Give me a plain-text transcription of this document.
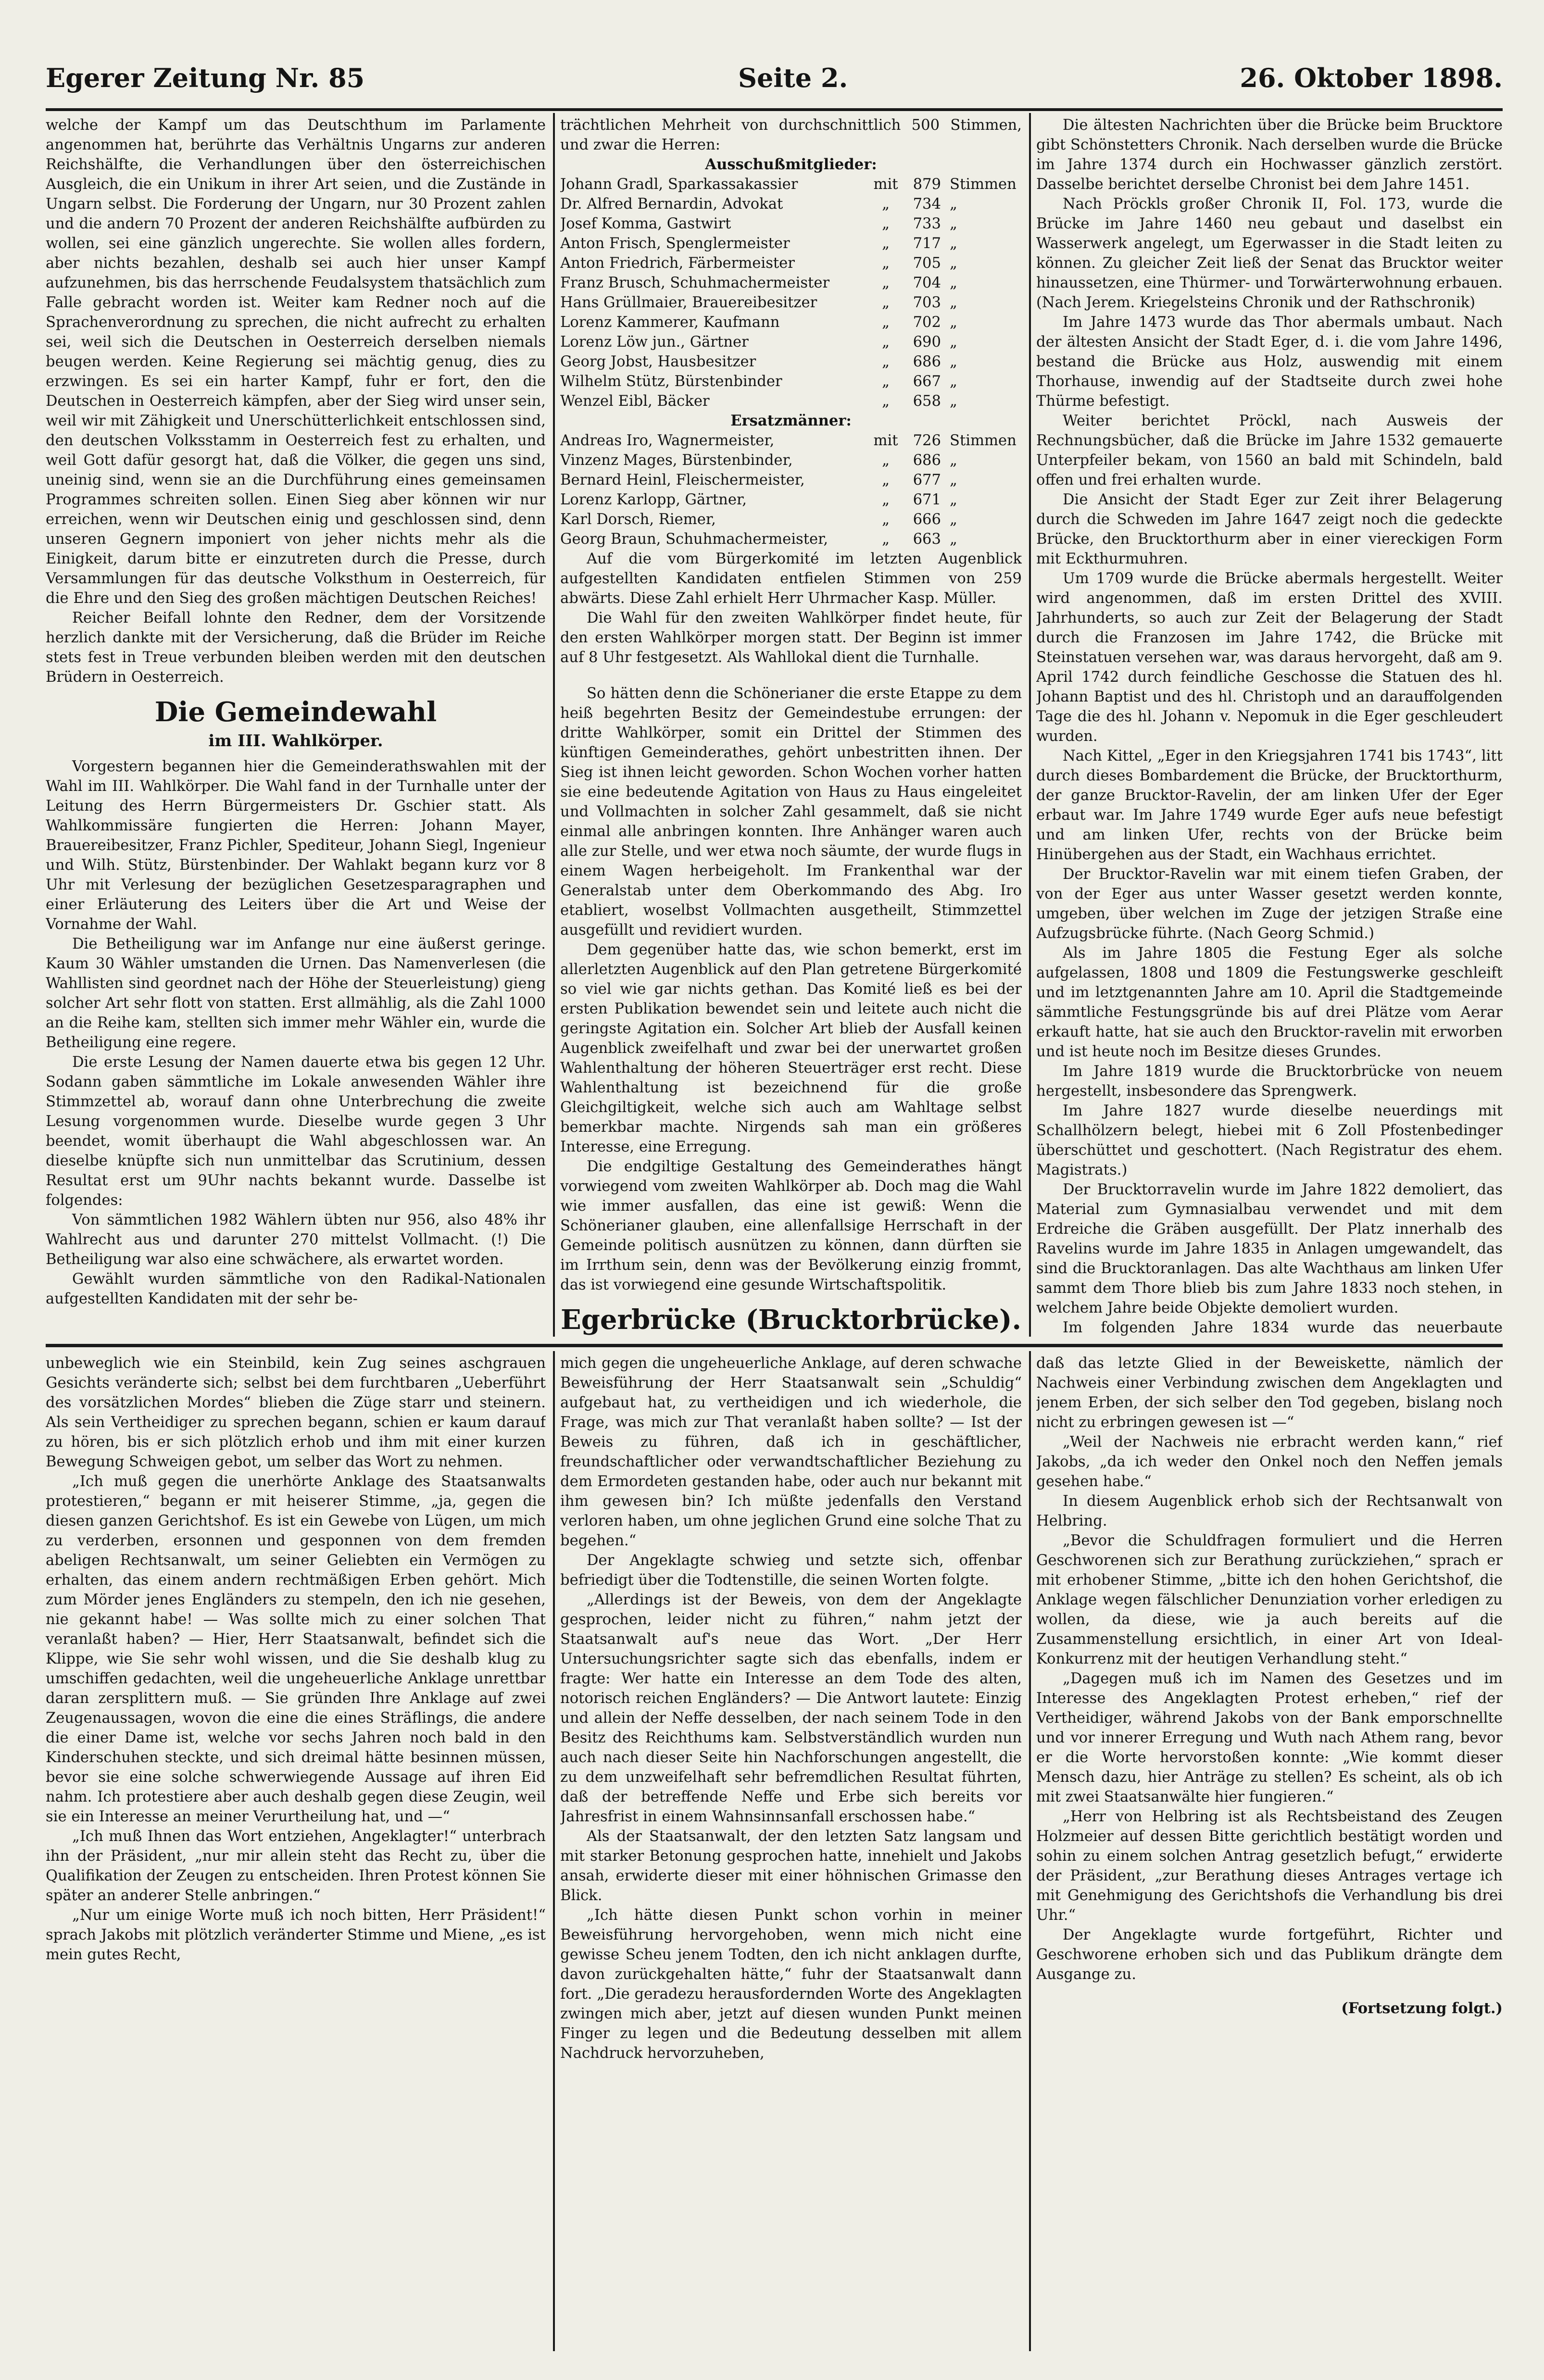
Egerer Zeitung Nr. 85	Seite 2.	26. Oktober 1898.

welche der Kampf um das Deutschthum im Parlamente angenommen hat, berührte das Verhältnis Ungarns zur anderen Reichshälfte, die Verhandlungen über den österreichischen Ausgleich, die ein Unikum in ihrer Art seien, und die Zustände in Ungarn selbst. Die Forderung der Ungarn, nur 30 Prozent zahlen und die andern 70 Prozent der anderen Reichshälfte aufbürden zu wollen, sei eine gänzlich ungerechte. Sie wollen alles fordern, aber nichts bezahlen, deshalb sei auch hier unser Kampf aufzunehmen, bis das herrschende Feudalsystem thatsächlich zum Falle gebracht worden ist. Weiter kam Redner noch auf die Sprachenverordnung zu sprechen, die nicht aufrecht zu erhalten sei, weil sich die Deutschen in Oesterreich derselben niemals beugen werden. Keine Regierung sei mächtig genug, dies zu erzwingen. Es sei ein harter Kampf, fuhr er fort, den die Deutschen in Oesterreich kämpfen, aber der Sieg wird unser sein, weil wir mit Zähigkeit und Unerschütterlichkeit entschlossen sind, den deutschen Volksstamm in Oesterreich fest zu erhalten, und weil Gott dafür gesorgt hat, daß die Völker, die gegen uns sind, uneinig sind, wenn sie an die Durchführung eines gemeinsamen Programmes schreiten sollen. Einen Sieg aber können wir nur erreichen, wenn wir Deutschen einig und geschlossen sind, denn unseren Gegnern imponiert von jeher nichts mehr als die Einigkeit, darum bitte er einzutreten durch die Presse, durch Versammlungen für das deutsche Volksthum in Oesterreich, für die Ehre und den Sieg des großen mächtigen Deutschen Reiches!

Reicher Beifall lohnte den Redner, dem der Vorsitzende herzlich dankte mit der Versicherung, daß die Brüder im Reiche stets fest in Treue verbunden bleiben werden mit den deutschen Brüdern in Oesterreich.

Die Gemeindewahl

im III. Wahlkörper.

Vorgestern begannen hier die Gemeinderathswahlen mit der Wahl im III. Wahlkörper. Die Wahl fand in der Turnhalle unter der Leitung des Herrn Bürgermeisters Dr. Gschier statt. Als Wahlkommissäre fungierten die Herren: Johann Mayer, Brauereibesitzer, Franz Pichler, Spediteur, Johann Siegl, Ingenieur und Wilh. Stütz, Bürstenbinder. Der Wahlakt begann kurz vor 8 Uhr mit Verlesung der bezüglichen Gesetzesparagraphen und einer Erläuterung des Leiters über die Art und Weise der Vornahme der Wahl.

Die Betheiligung war im Anfange nur eine äußerst geringe. Kaum 30 Wähler umstanden die Urnen. Das Namenverlesen (die Wahllisten sind geordnet nach der Höhe der Steuerleistung) gieng solcher Art sehr flott von statten. Erst allmählig, als die Zahl 1000 an die Reihe kam, stellten sich immer mehr Wähler ein, wurde die Betheiligung eine regere.

Die erste Lesung der Namen dauerte etwa bis gegen 12 Uhr. Sodann gaben sämmtliche im Lokale anwesenden Wähler ihre Stimmzettel ab, worauf dann ohne Unterbrechung die zweite Lesung vorgenommen wurde. Dieselbe wurde gegen 3 Uhr beendet, womit überhaupt die Wahl abgeschlossen war. An dieselbe knüpfte sich nun unmittelbar das Scrutinium, dessen Resultat erst um 9Uhr nachts bekannt wurde. Dasselbe ist folgendes:

Von sämmtlichen 1982 Wählern übten nur 956, also 48% ihr Wahlrecht aus und darunter 270 mittelst Vollmacht. (!) Die Betheiligung war also eine schwächere, als erwartet worden.

Gewählt wurden sämmtliche von den Radikal-Nationalen aufgestellten Kandidaten mit der sehr be-

trächtlichen Mehrheit von durchschnittlich 500 Stimmen, und zwar die Herren:

Ausschußmitglieder:

Johann Gradl, Sparkassakassier	mit	879	Stimmen
Dr. Alfred Bernardin, Advokat	„	734	„
Josef Komma, Gastwirt	„	733	„
Anton Frisch, Spenglermeister	„	717	„
Anton Friedrich, Färbermeister	„	705	„
Franz Brusch, Schuhmachermeister	„	704	„
Hans Grüllmaier, Brauereibesitzer	„	703	„
Lorenz Kammerer, Kaufmann	„	702	„
Lorenz Löw jun., Gärtner	„	690	„
Georg Jobst, Hausbesitzer	„	686	„
Wilhelm Stütz, Bürstenbinder	„	667	„
Wenzel Eibl, Bäcker	„	658	„

Ersatzmänner:

Andreas Iro, Wagnermeister,	mit	726	Stimmen
Vinzenz Mages, Bürstenbinder,	„	686	„
Bernard Heinl, Fleischermeister,	„	677	„
Lorenz Karlopp, Gärtner,	„	671	„
Karl Dorsch, Riemer,	„	666	„
Georg Braun, Schuhmachermeister,	„	663	„

Auf die vom Bürgerkomité im letzten Augenblick aufgestellten Kandidaten entfielen Stimmen von 259 abwärts. Diese Zahl erhielt Herr Uhrmacher Kasp. Müller.

Die Wahl für den zweiten Wahlkörper findet heute, für den ersten Wahlkörper morgen statt. Der Beginn ist immer auf 8 Uhr festgesetzt. Als Wahllokal dient die Turnhalle.

So hätten denn die Schönerianer die erste Etappe zu dem heiß begehrten Besitz der Gemeindestube errungen: der dritte Wahlkörper, somit ein Drittel der Stimmen des künftigen Gemeinderathes, gehört unbestritten ihnen. Der Sieg ist ihnen leicht geworden. Schon Wochen vorher hatten sie eine bedeutende Agitation von Haus zu Haus eingeleitet und Vollmachten in solcher Zahl gesammelt, daß sie nicht einmal alle anbringen konnten. Ihre Anhänger waren auch alle zur Stelle, und wer etwa noch säumte, der wurde flugs in einem Wagen herbeigeholt. Im Frankenthal war der Generalstab unter dem Oberkommando des Abg. Iro etabliert, woselbst Vollmachten ausgetheilt, Stimmzettel ausgefüllt und revidiert wurden.

Dem gegenüber hatte das, wie schon bemerkt, erst im allerletzten Augenblick auf den Plan getretene Bürgerkomité so viel wie gar nichts gethan. Das Komité ließ es bei der ersten Publikation bewendet sein und leitete auch nicht die geringste Agitation ein. Solcher Art blieb der Ausfall keinen Augenblick zweifelhaft und zwar bei der unerwartet großen Wahlenthaltung der höheren Steuerträger erst recht. Diese Wahlenthaltung ist bezeichnend für die große Gleichgiltigkeit, welche sich auch am Wahltage selbst bemerkbar machte. Nirgends sah man ein größeres Interesse, eine Erregung.

Die endgiltige Gestaltung des Gemeinderathes hängt vorwiegend vom zweiten Wahlkörper ab. Doch mag die Wahl wie immer ausfallen, das eine ist gewiß: Wenn die Schönerianer glauben, eine allenfallsige Herrschaft in der Gemeinde politisch ausnützen zu können, dann dürften sie im Irrthum sein, denn was der Bevölkerung einzig frommt, das ist vorwiegend eine gesunde Wirtschaftspolitik.

Egerbrücke (Brucktorbrücke).

Die ältesten Nachrichten über die Brücke beim Brucktore gibt Schönstetters Chronik. Nach derselben wurde die Brücke im Jahre 1374 durch ein Hochwasser gänzlich zerstört. Dasselbe berichtet derselbe Chronist bei dem Jahre 1451.

Nach Pröckls großer Chronik II, Fol. 173, wurde die Brücke im Jahre 1460 neu gebaut und daselbst ein Wasserwerk angelegt, um Egerwasser in die Stadt leiten zu können. Zu gleicher Zeit ließ der Senat das Brucktor weiter hinaussetzen, eine Thürmer- und Torwärterwohnung erbauen. (Nach Jerem. Kriegelsteins Chronik und der Rathschronik)

Im Jahre 1473 wurde das Thor abermals umbaut. Nach der ältesten Ansicht der Stadt Eger, d. i. die vom Jahre 1496, bestand die Brücke aus Holz, auswendig mit einem Thorhause, inwendig auf der Stadtseite durch zwei hohe Thürme befestigt.

Weiter berichtet Pröckl, nach Ausweis der Rechnungsbücher, daß die Brücke im Jahre 1532 gemauerte Unterpfeiler bekam, von 1560 an bald mit Schindeln, bald offen und frei erhalten wurde.

Die Ansicht der Stadt Eger zur Zeit ihrer Belagerung durch die Schweden im Jahre 1647 zeigt noch die gedeckte Brücke, den Brucktorthurm aber in einer viereckigen Form mit Eckthurmuhren.

Um 1709 wurde die Brücke abermals hergestellt. Weiter wird angenommen, daß im ersten Drittel des XVIII. Jahrhunderts, so auch zur Zeit der Belagerung der Stadt durch die Franzosen im Jahre 1742, die Brücke mit Steinstatuen versehen war, was daraus hervorgeht, daß am 9. April 1742 durch feindliche Geschosse die Statuen des hl. Johann Baptist und des hl. Christoph und an darauffolgenden Tage die des hl. Johann v. Nepomuk in die Eger geschleudert wurden.

Nach Kittel, „Eger in den Kriegsjahren 1741 bis 1743“, litt durch dieses Bombardement die Brücke, der Brucktorthurm, der ganze Brucktor-Ravelin, der am linken Ufer der Eger erbaut war. Im Jahre 1749 wurde Eger aufs neue befestigt und am linken Ufer, rechts von der Brücke beim Hinübergehen aus der Stadt, ein Wachhaus errichtet.

Der Brucktor-Ravelin war mit einem tiefen Graben, der von der Eger aus unter Wasser gesetzt werden konnte, umgeben, über welchen im Zuge der jetzigen Straße eine Aufzugsbrücke führte. (Nach Georg Schmid.)

Als im Jahre 1805 die Festung Eger als solche aufgelassen, 1808 und 1809 die Festungswerke geschleift und im letztgenannten Jahre am 10. April die Stadtgemeinde sämmtliche Festungsgründe bis auf drei Plätze vom Aerar erkauft hatte, hat sie auch den Brucktor-ravelin mit erworben und ist heute noch im Besitze dieses Grundes.

Im Jahre 1819 wurde die Brucktorbrücke von neuem hergestellt, insbesondere das Sprengwerk.

Im Jahre 1827 wurde dieselbe neuerdings mit Schallhölzern belegt, hiebei mit 6 Zoll Pfostenbedinger überschüttet und geschottert. (Nach Registratur des ehem. Magistrats.)

Der Brucktorravelin wurde im Jahre 1822 demoliert, das Material zum Gymnasialbau verwendet und mit dem Erdreiche die Gräben ausgefüllt. Der Platz innerhalb des Ravelins wurde im Jahre 1835 in Anlagen umgewandelt, das sind die Brucktoranlagen. Das alte Wachthaus am linken Ufer sammt dem Thore blieb bis zum Jahre 1833 noch stehen, in welchem Jahre beide Objekte demoliert wurden.

Im folgenden Jahre 1834 wurde das neuerbaute

unbeweglich wie ein Steinbild, kein Zug seines aschgrauen Gesichts veränderte sich; selbst bei dem furchtbaren „Ueberführt des vorsätzlichen Mordes“ blieben die Züge starr und steinern. Als sein Vertheidiger zu sprechen begann, schien er kaum darauf zu hören, bis er sich plötzlich erhob und ihm mit einer kurzen Bewegung Schweigen gebot, um selber das Wort zu nehmen.

„Ich muß gegen die unerhörte Anklage des Staatsanwalts protestieren,“ begann er mit heiserer Stimme, „ja, gegen die diesen ganzen Gerichtshof. Es ist ein Gewebe von Lügen, um mich zu verderben, ersonnen und gesponnen von dem fremden abeligen Rechtsanwalt, um seiner Geliebten ein Vermögen zu erhalten, das einem andern rechtmäßigen Erben gehört. Mich zum Mörder jenes Engländers zu stempeln, den ich nie gesehen, nie gekannt habe! — Was sollte mich zu einer solchen That veranlaßt haben? — Hier, Herr Staatsanwalt, befindet sich die Klippe, wie Sie sehr wohl wissen, und die Sie deshalb klug zu umschiffen gedachten, weil die ungeheuerliche Anklage unrettbar daran zersplittern muß. — Sie gründen Ihre Anklage auf zwei Zeugenaussagen, wovon die eine die eines Sträflings, die andere die einer Dame ist, welche vor sechs Jahren noch bald in den Kinderschuhen steckte, und sich dreimal hätte besinnen müssen, bevor sie eine solche schwerwiegende Aussage auf ihren Eid nahm. Ich protestiere aber auch deshalb gegen diese Zeugin, weil sie ein Interesse an meiner Verurtheilung hat, und —“

„Ich muß Ihnen das Wort entziehen, Angeklagter!“ unterbrach ihn der Präsident, „nur mir allein steht das Recht zu, über die Qualifikation der Zeugen zu entscheiden. Ihren Protest können Sie später an anderer Stelle anbringen.“

„Nur um einige Worte muß ich noch bitten, Herr Präsident!“ sprach Jakobs mit plötzlich veränderter Stimme und Miene, „es ist mein gutes Recht,

mich gegen die ungeheuerliche Anklage, auf deren schwache Beweisführung der Herr Staatsanwalt sein „Schuldig“ aufgebaut hat, zu vertheidigen und ich wiederhole, die Frage, was mich zur That veranlaßt haben sollte? — Ist der Beweis zu führen, daß ich in geschäftlicher, freundschaftlicher oder verwandtschaftlicher Beziehung zu dem Ermordeten gestanden habe, oder auch nur bekannt mit ihm gewesen bin? Ich müßte jedenfalls den Verstand verloren haben, um ohne jeglichen Grund eine solche That zu begehen.“

Der Angeklagte schwieg und setzte sich, offenbar befriedigt über die Todtenstille, die seinen Worten folgte.

„Allerdings ist der Beweis, von dem der Angeklagte gesprochen, leider nicht zu führen,“ nahm jetzt der Staatsanwalt auf's neue das Wort. „Der Herr Untersuchungsrichter sagte sich das ebenfalls, indem er fragte: Wer hatte ein Interesse an dem Tode des alten, notorisch reichen Engländers? — Die Antwort lautete: Einzig und allein der Neffe desselben, der nach seinem Tode in den Besitz des Reichthums kam. Selbstverständlich wurden nun auch nach dieser Seite hin Nachforschungen angestellt, die zu dem unzweifelhaft sehr befremdlichen Resultat führten, daß der betreffende Neffe und Erbe sich bereits vor Jahresfrist in einem Wahnsinnsanfall erschossen habe.“

Als der Staatsanwalt, der den letzten Satz langsam und mit starker Betonung gesprochen hatte, innehielt und Jakobs ansah, erwiderte dieser mit einer höhnischen Grimasse den Blick.

„Ich hätte diesen Punkt schon vorhin in meiner Beweisführung hervorgehoben, wenn mich nicht eine gewisse Scheu jenem Todten, den ich nicht anklagen durfte, davon zurückgehalten hätte,“ fuhr der Staatsanwalt dann fort. „Die geradezu herausfordernden Worte des Angeklagten zwingen mich aber, jetzt auf diesen wunden Punkt meinen Finger zu legen und die Bedeutung desselben mit allem Nachdruck hervorzuheben,

daß das letzte Glied in der Beweiskette, nämlich der Nachweis einer Verbindung zwischen dem Angeklagten und jenem Erben, der sich selber den Tod gegeben, bislang noch nicht zu erbringen gewesen ist —“

„Weil der Nachweis nie erbracht werden kann,“ rief Jakobs, „da ich weder den Onkel noch den Neffen jemals gesehen habe.“

In diesem Augenblick erhob sich der Rechtsanwalt von Helbring.

„Bevor die Schuldfragen formuliert und die Herren Geschworenen sich zur Berathung zurückziehen,“ sprach er mit erhobener Stimme, „bitte ich den hohen Gerichtshof, die Anklage wegen fälschlicher Denunziation vorher erledigen zu wollen, da diese, wie ja auch bereits auf die Zusammenstellung ersichtlich, in einer Art von Ideal-Konkurrenz mit der heutigen Verhandlung steht.“

„Dagegen muß ich im Namen des Gesetzes und im Interesse des Angeklagten Protest erheben,“ rief der Vertheidiger, während Jakobs von der Bank emporschnellte und vor innerer Erregung und Wuth nach Athem rang, bevor er die Worte hervorstoßen konnte: „Wie kommt dieser Mensch dazu, hier Anträge zu stellen? Es scheint, als ob ich mit zwei Staatsanwälte hier fungieren.“

„Herr von Helbring ist als Rechtsbeistand des Zeugen Holzmeier auf dessen Bitte gerichtlich bestätigt worden und sohin zu einem solchen Antrag gesetzlich befugt,“ erwiderte der Präsident, „zur Berathung dieses Antrages vertage ich mit Genehmigung des Gerichtshofs die Verhandlung bis drei Uhr.“

Der Angeklagte wurde fortgeführt, Richter und Geschworene erhoben sich und das Publikum drängte dem Ausgange zu.

(Fortsetzung folgt.)
